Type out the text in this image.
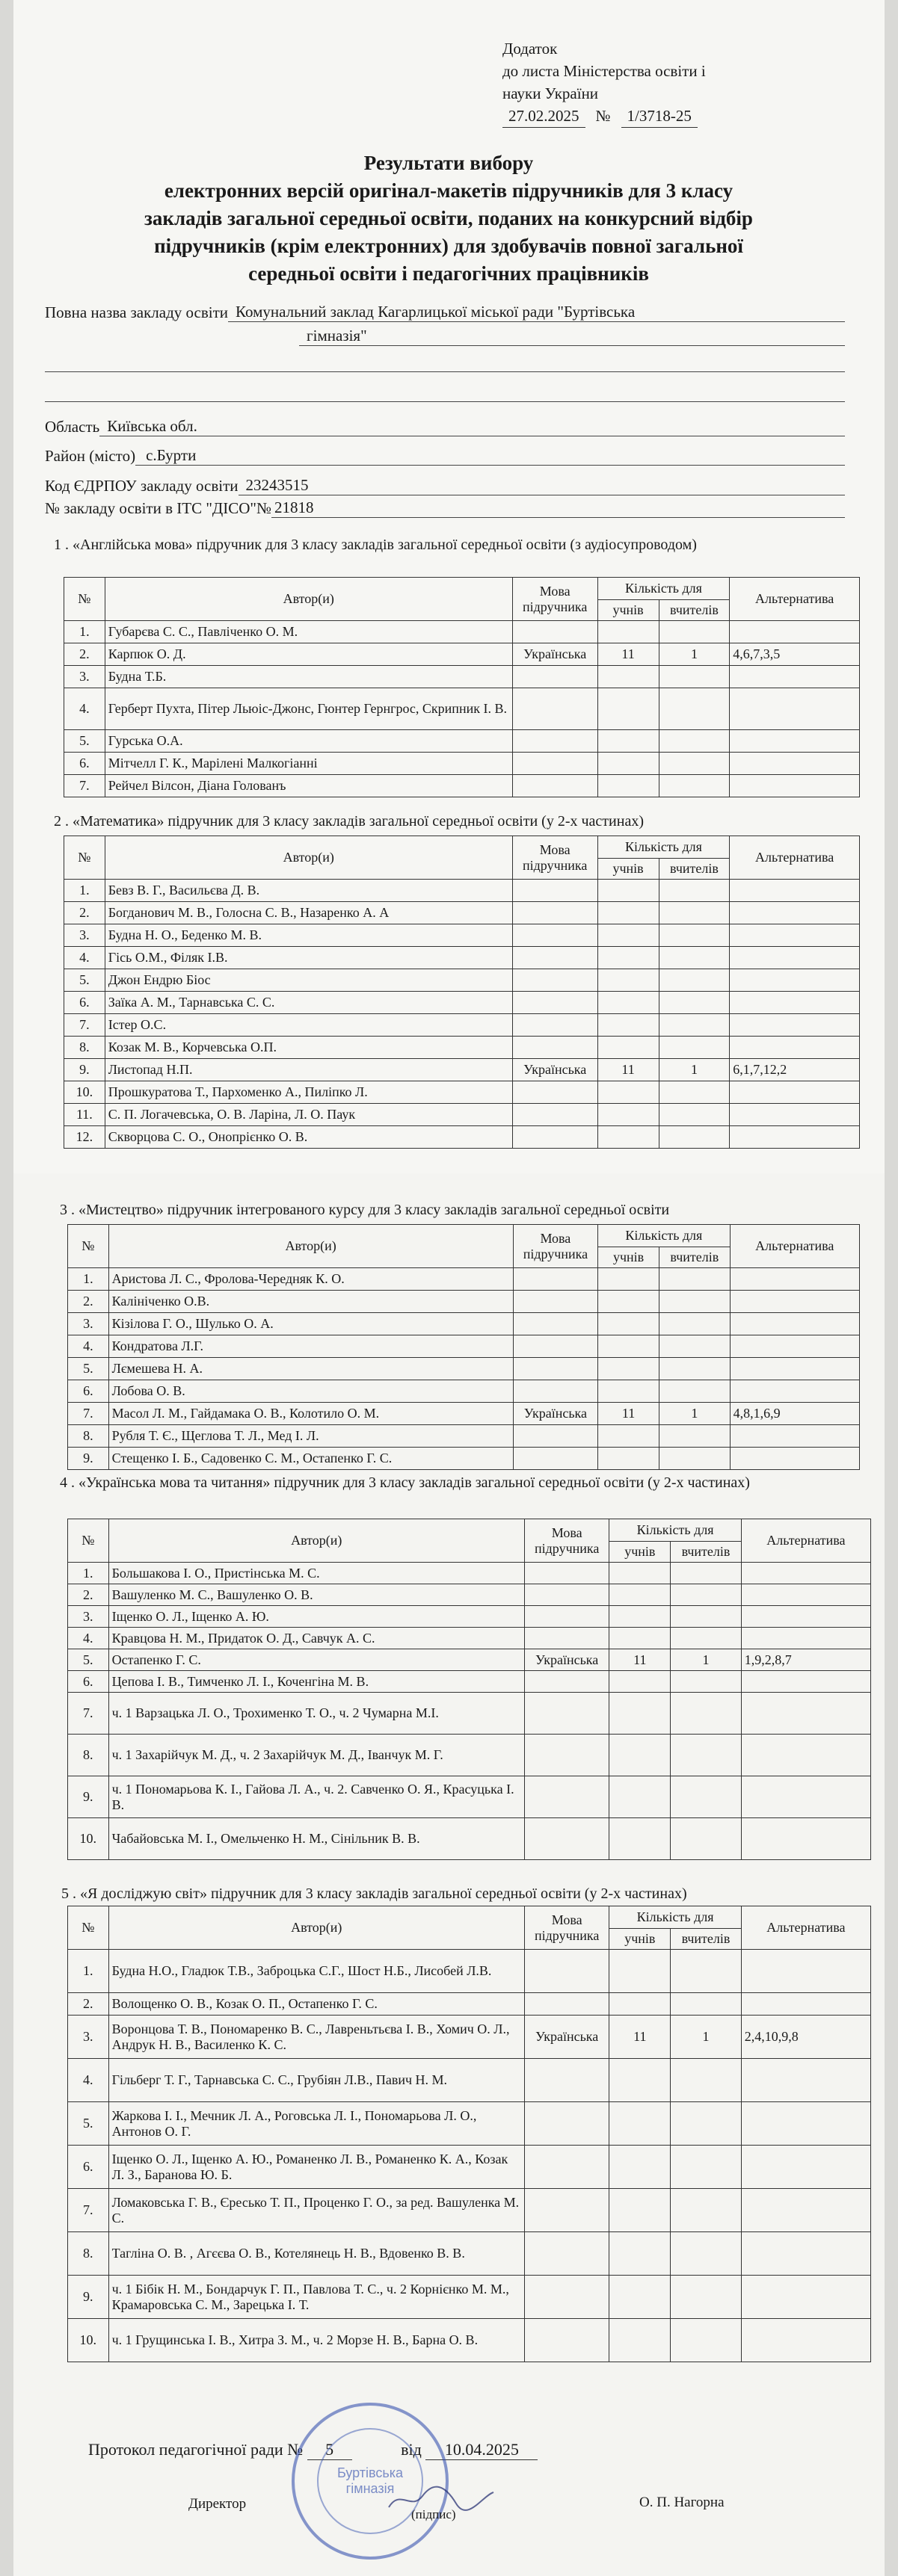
Додаток
до листа Міністерства освіти і
науки України
27.02.2025	№	1/3718-25
Результати вибору
електронних версій оригінал-макетів підручників для 3 класу
закладів загальної середньої освіти, поданих на конкурсний відбір
підручників (крім електронних) для здобувачів повної загальної
середньої освіти і педагогічних працівників
Повна назва закладу освіти Комунальний заклад Кагарлицької міської ради "Буртівська
гімназія"
Область Київська обл.
Район (місто) с.Бурти
Код ЄДРПОУ закладу освіти 23243515
№ закладу освіти в ІТС "ДІСО"№ 21818
1 . «Англійська мова» підручник для 3 класу закладів загальної середньої освіти (з аудіосупроводом)
№	Автор(и)	Мова підручника	Кількість для		Альтернатива
			учнів	вчителів	
1.	Губарєва С. С., Павліченко О. М.				
2.	Карпюк О. Д.	Українська	11	1	4,6,7,3,5
3.	Будна Т.Б.				
4.	Герберт Пухта, Пітер Льюіс-Джонс, Гюнтер Гернгрос, Скрипник І. В.				
5.	Гурська О.А.				
6.	Мітчелл Г. К., Марілені Малкогіанні				
7.	Рейчел Вілсон, Діана Голованъ				
2 . «Математика» підручник для 3 класу закладів загальної середньої освіти (у 2-х частинах)
№	Автор(и)	Мова підручника	Кількість для		Альтернатива
			учнів	вчителів	
1.	Бевз В. Г., Васильєва Д. В.				
2.	Богданович М. В., Голосна С. В., Назаренко А. А				
3.	Будна Н. О., Беденко М. В.				
4.	Гісь О.М., Філяк І.В.				
5.	Джон Ендрю Біос				
6.	Заїка А. М., Тарнавська С. С.				
7.	Істер О.С.				
8.	Козак М. В., Корчевська О.П.				
9.	Листопад Н.П.	Українська	11	1	6,1,7,12,2
10.	Прошкуратова Т., Пархоменко А., Пиліпко Л.				
11.	С. П. Логачевська, О. В. Ларіна, Л. О. Паук				
12.	Скворцова С. О., Онопрієнко О. В.				
3 . «Мистецтво» підручник інтегрованого курсу для 3 класу закладів загальної середньої освіти
№	Автор(и)	Мова підручника	Кількість для		Альтернатива
			учнів	вчителів	
1.	Аристова Л. С., Фролова-Чередняк К. О.				
2.	Калініченко О.В.				
3.	Кізілова Г. О., Шулько О. А.				
4.	Кондратова Л.Г.				
5.	Лємешева Н. А.				
6.	Лобова О. В.				
7.	Масол Л. М., Гайдамака О. В., Колотило О. М.	Українська	11	1	4,8,1,6,9
8.	Рубля Т. Є., Щеглова Т. Л., Мед І. Л.				
9.	Стещенко І. Б., Садовенко С. М., Остапенко Г. С.				
4 . «Українська мова та читання» підручник для 3 класу закладів загальної середньої освіти (у 2-х частинах)
№	Автор(и)	Мова підручника	Кількість для		Альтернатива
			учнів	вчителів	
1.	Большакова І. О., Пристінська М. С.				
2.	Вашуленко М. С., Вашуленко О. В.				
3.	Іщенко О. Л., Іщенко А. Ю.				
4.	Кравцова Н. М., Придаток О. Д., Савчук А. С.				
5.	Остапенко Г. С.	Українська	11	1	1,9,2,8,7
6.	Цепова І. В., Тимченко Л. І., Коченгіна М. В.				
7.	ч. 1 Варзацька Л. О., Трохименко Т. О., ч. 2 Чумарна М.І.				
8.	ч. 1 Захарійчук М. Д., ч. 2 Захарійчук М. Д., Іванчук М. Г.				
9.	ч. 1 Пономарьова К. І., Гайова Л. А., ч. 2. Савченко О. Я., Красуцька І. В.				
10.	Чабайовська М. І., Омельченко Н. М., Сінільник В. В.				
5 . «Я досліджую світ» підручник для 3 класу закладів загальної середньої освіти (у 2-х частинах)
№	Автор(и)	Мова підручника	Кількість для		Альтернатива
			учнів	вчителів	
1.	Будна Н.О., Гладюк Т.В., Забрoцька С.Г., Шост Н.Б., Лисобей Л.В.				
2.	Волощенко О. В., Козак О. П., Остапенко Г. С.				
3.	Воронцова Т. В., Пономаренко В. С., Лавреньтьєва І. В., Хомич О. Л., Андрук Н. В., Василенко К. С.	Українська	11	1	2,4,10,9,8
4.	Гільберг Т. Г., Тарнавська С. С., Грубіян Л.В., Павич Н. М.				
5.	Жаркова І. І., Мечник Л. А., Роговська Л. І., Пономарьова Л. О., Антонов О. Г.				
6.	Іщенко О. Л., Іщенко А. Ю., Романенко Л. В., Романенко К. А., Козак Л. З., Баранова Ю. Б.				
7.	Ломаковська Г. В., Єресько Т. П., Проценко Г. О., за ред. Вашуленка М. С.				
8.	Тагліна О. В. , Агєєва О. В., Котелянець Н. В., Вдовенко В. В.				
9.	ч. 1 Бібік Н. М., Бондарчук Г. П., Павлова Т. С., ч. 2 Корнієнко М. М., Крамаровська С. М., Зарецька І. Т.				
10.	ч. 1 Грущинська І. В., Хитра З. М., ч. 2 Морзе Н. В., Барна О. В.				
Протокол педагогічної ради № 5	від 10.04.2025
Буртівська гімназія
Директор
(підпис)
О. П. Нагорна
